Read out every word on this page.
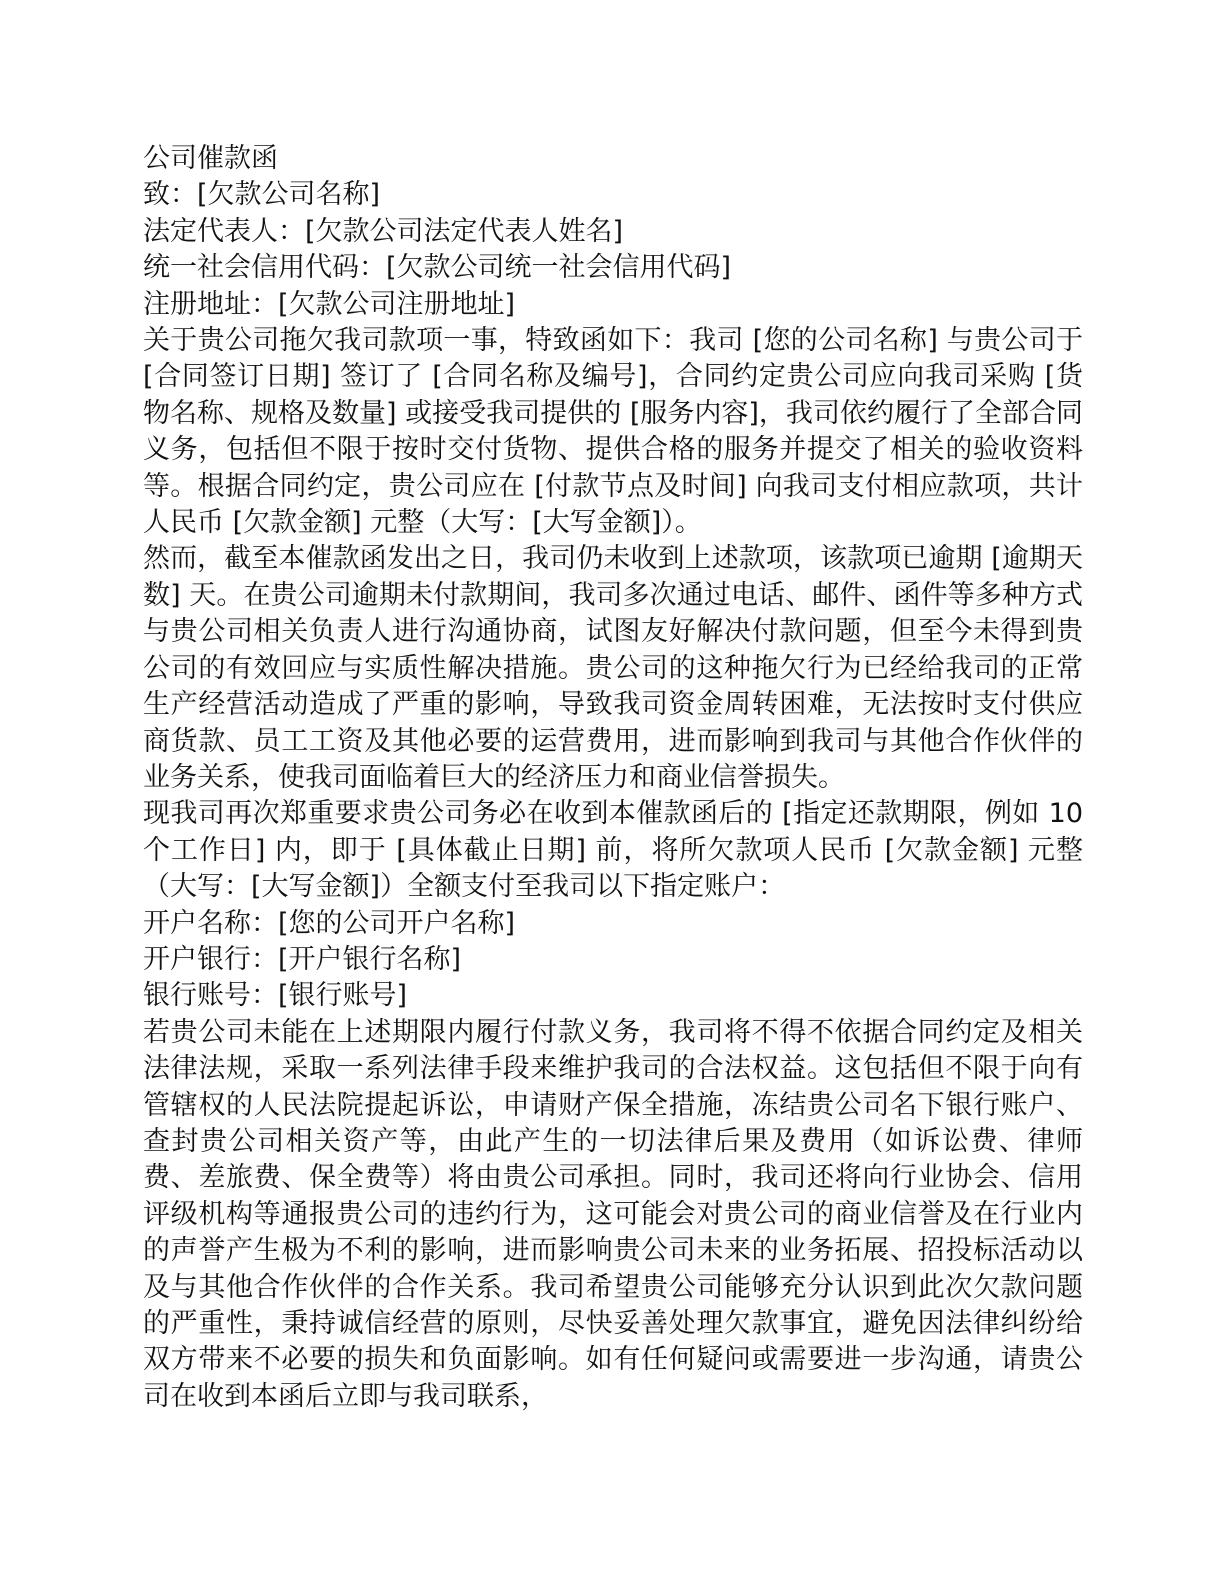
公司催款函

致：[欠款公司名称]

法定代表人：[欠款公司法定代表人姓名]

统一社会信用代码：[欠款公司统一社会信用代码]

注册地址：[欠款公司注册地址]

关于贵公司拖欠我司款项一事，特致函如下：我司 [您的公司名称] 与贵公司于 [合同签订日期] 签订了 [合同名称及编号]，合同约定贵公司应向我司采购 [货物名称、规格及数量] 或接受我司提供的 [服务内容]，我司依约履行了全部合同义务，包括但不限于按时交付货物、提供合格的服务并提交了相关的验收资料等。根据合同约定，贵公司应在 [付款节点及时间] 向我司支付相应款项，共计人民币 [欠款金额] 元整（大写：[大写金额]）。

然而，截至本催款函发出之日，我司仍未收到上述款项，该款项已逾期 [逾期天数] 天。在贵公司逾期未付款期间，我司多次通过电话、邮件、函件等多种方式与贵公司相关负责人进行沟通协商，试图友好解决付款问题，但至今未得到贵公司的有效回应与实质性解决措施。贵公司的这种拖欠行为已经给我司的正常生产经营活动造成了严重的影响，导致我司资金周转困难，无法按时支付供应商货款、员工工资及其他必要的运营费用，进而影响到我司与其他合作伙伴的业务关系，使我司面临着巨大的经济压力和商业信誉损失。

现我司再次郑重要求贵公司务必在收到本催款函后的 [指定还款期限，例如 10 个工作日] 内，即于 [具体截止日期] 前，将所欠款项人民币 [欠款金额] 元整（大写：[大写金额]）全额支付至我司以下指定账户：

开户名称：[您的公司开户名称]

开户银行：[开户银行名称]

银行账号：[银行账号]

若贵公司未能在上述期限内履行付款义务，我司将不得不依据合同约定及相关法律法规，采取一系列法律手段来维护我司的合法权益。这包括但不限于向有管辖权的人民法院提起诉讼，申请财产保全措施，冻结贵公司名下银行账户、查封贵公司相关资产等，由此产生的一切法律后果及费用（如诉讼费、律师费、差旅费、保全费等）将由贵公司承担。同时，我司还将向行业协会、信用评级机构等通报贵公司的违约行为，这可能会对贵公司的商业信誉及在行业内的声誉产生极为不利的影响，进而影响贵公司未来的业务拓展、招投标活动以及与其他合作伙伴的合作关系。我司希望贵公司能够充分认识到此次欠款问题的严重性，秉持诚信经营的原则，尽快妥善处理欠款事宜，避免因法律纠纷给双方带来不必要的损失和负面影响。如有任何疑问或需要进一步沟通，请贵公司在收到本函后立即与我司联系，
